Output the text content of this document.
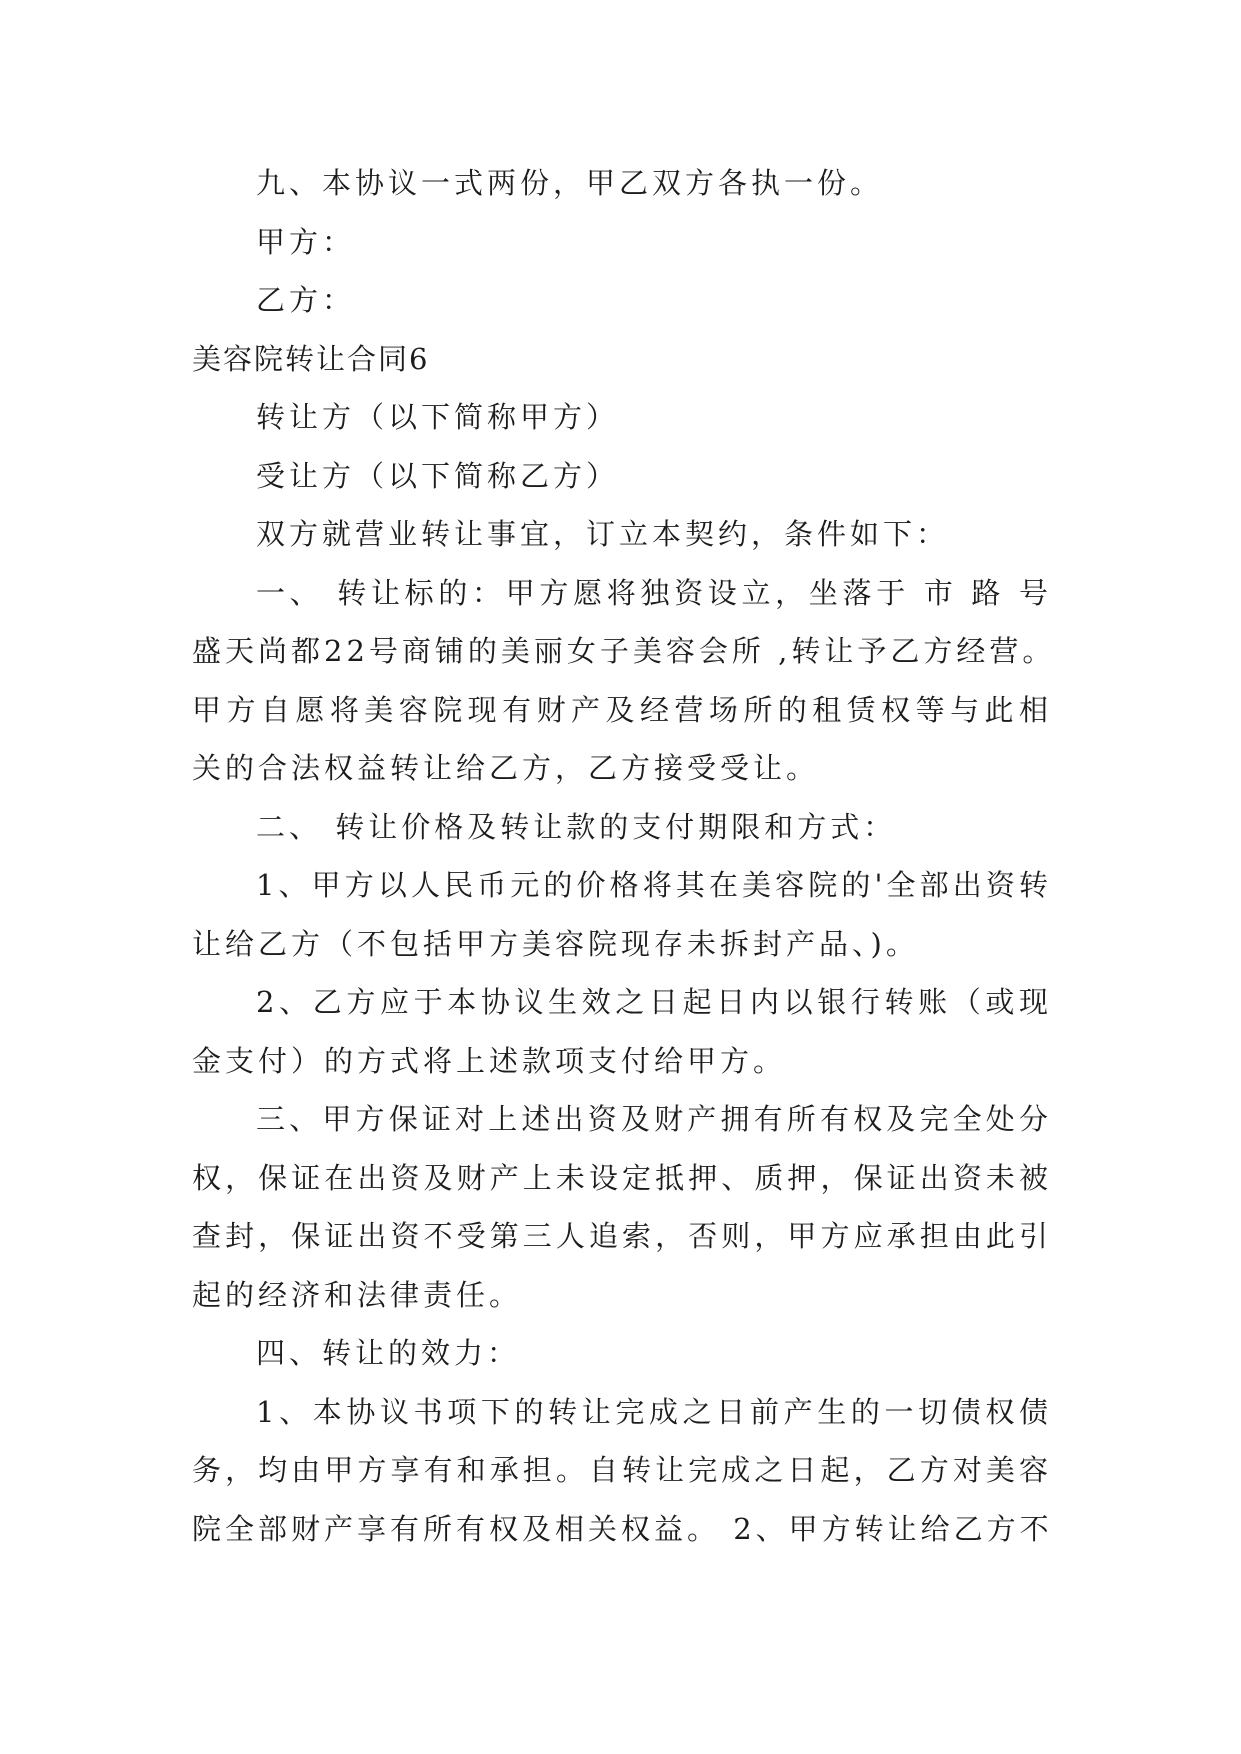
九、本协议一式两份，甲乙双方各执一份。
甲方：
乙方：
美容院转让合同6
转让方（以下简称甲方）
受让方（以下简称乙方）
双方就营业转让事宜，订立本契约，条件如下：
一、 转让标的：甲方愿将独资设立，坐落于 市 路 号
盛天尚都22号商铺的美丽女子美容会所 ,转让予乙方经营。
甲方自愿将美容院现有财产及经营场所的租赁权等与此相
关的合法权益转让给乙方，乙方接受受让。
二、 转让价格及转让款的支付期限和方式：
1、甲方以人民币元的价格将其在美容院的'全部出资转
让给乙方（不包括甲方美容院现存未拆封产品、)。
2、乙方应于本协议生效之日起日内以银行转账（或现
金支付）的方式将上述款项支付给甲方。
三、甲方保证对上述出资及财产拥有所有权及完全处分
权，保证在出资及财产上未设定抵押、质押，保证出资未被
查封，保证出资不受第三人追索，否则，甲方应承担由此引
起的经济和法律责任。
四、转让的效力：
1、本协议书项下的转让完成之日前产生的一切债权债
务，均由甲方享有和承担。自转让完成之日起，乙方对美容
院全部财产享有所有权及相关权益。 2、甲方转让给乙方不
